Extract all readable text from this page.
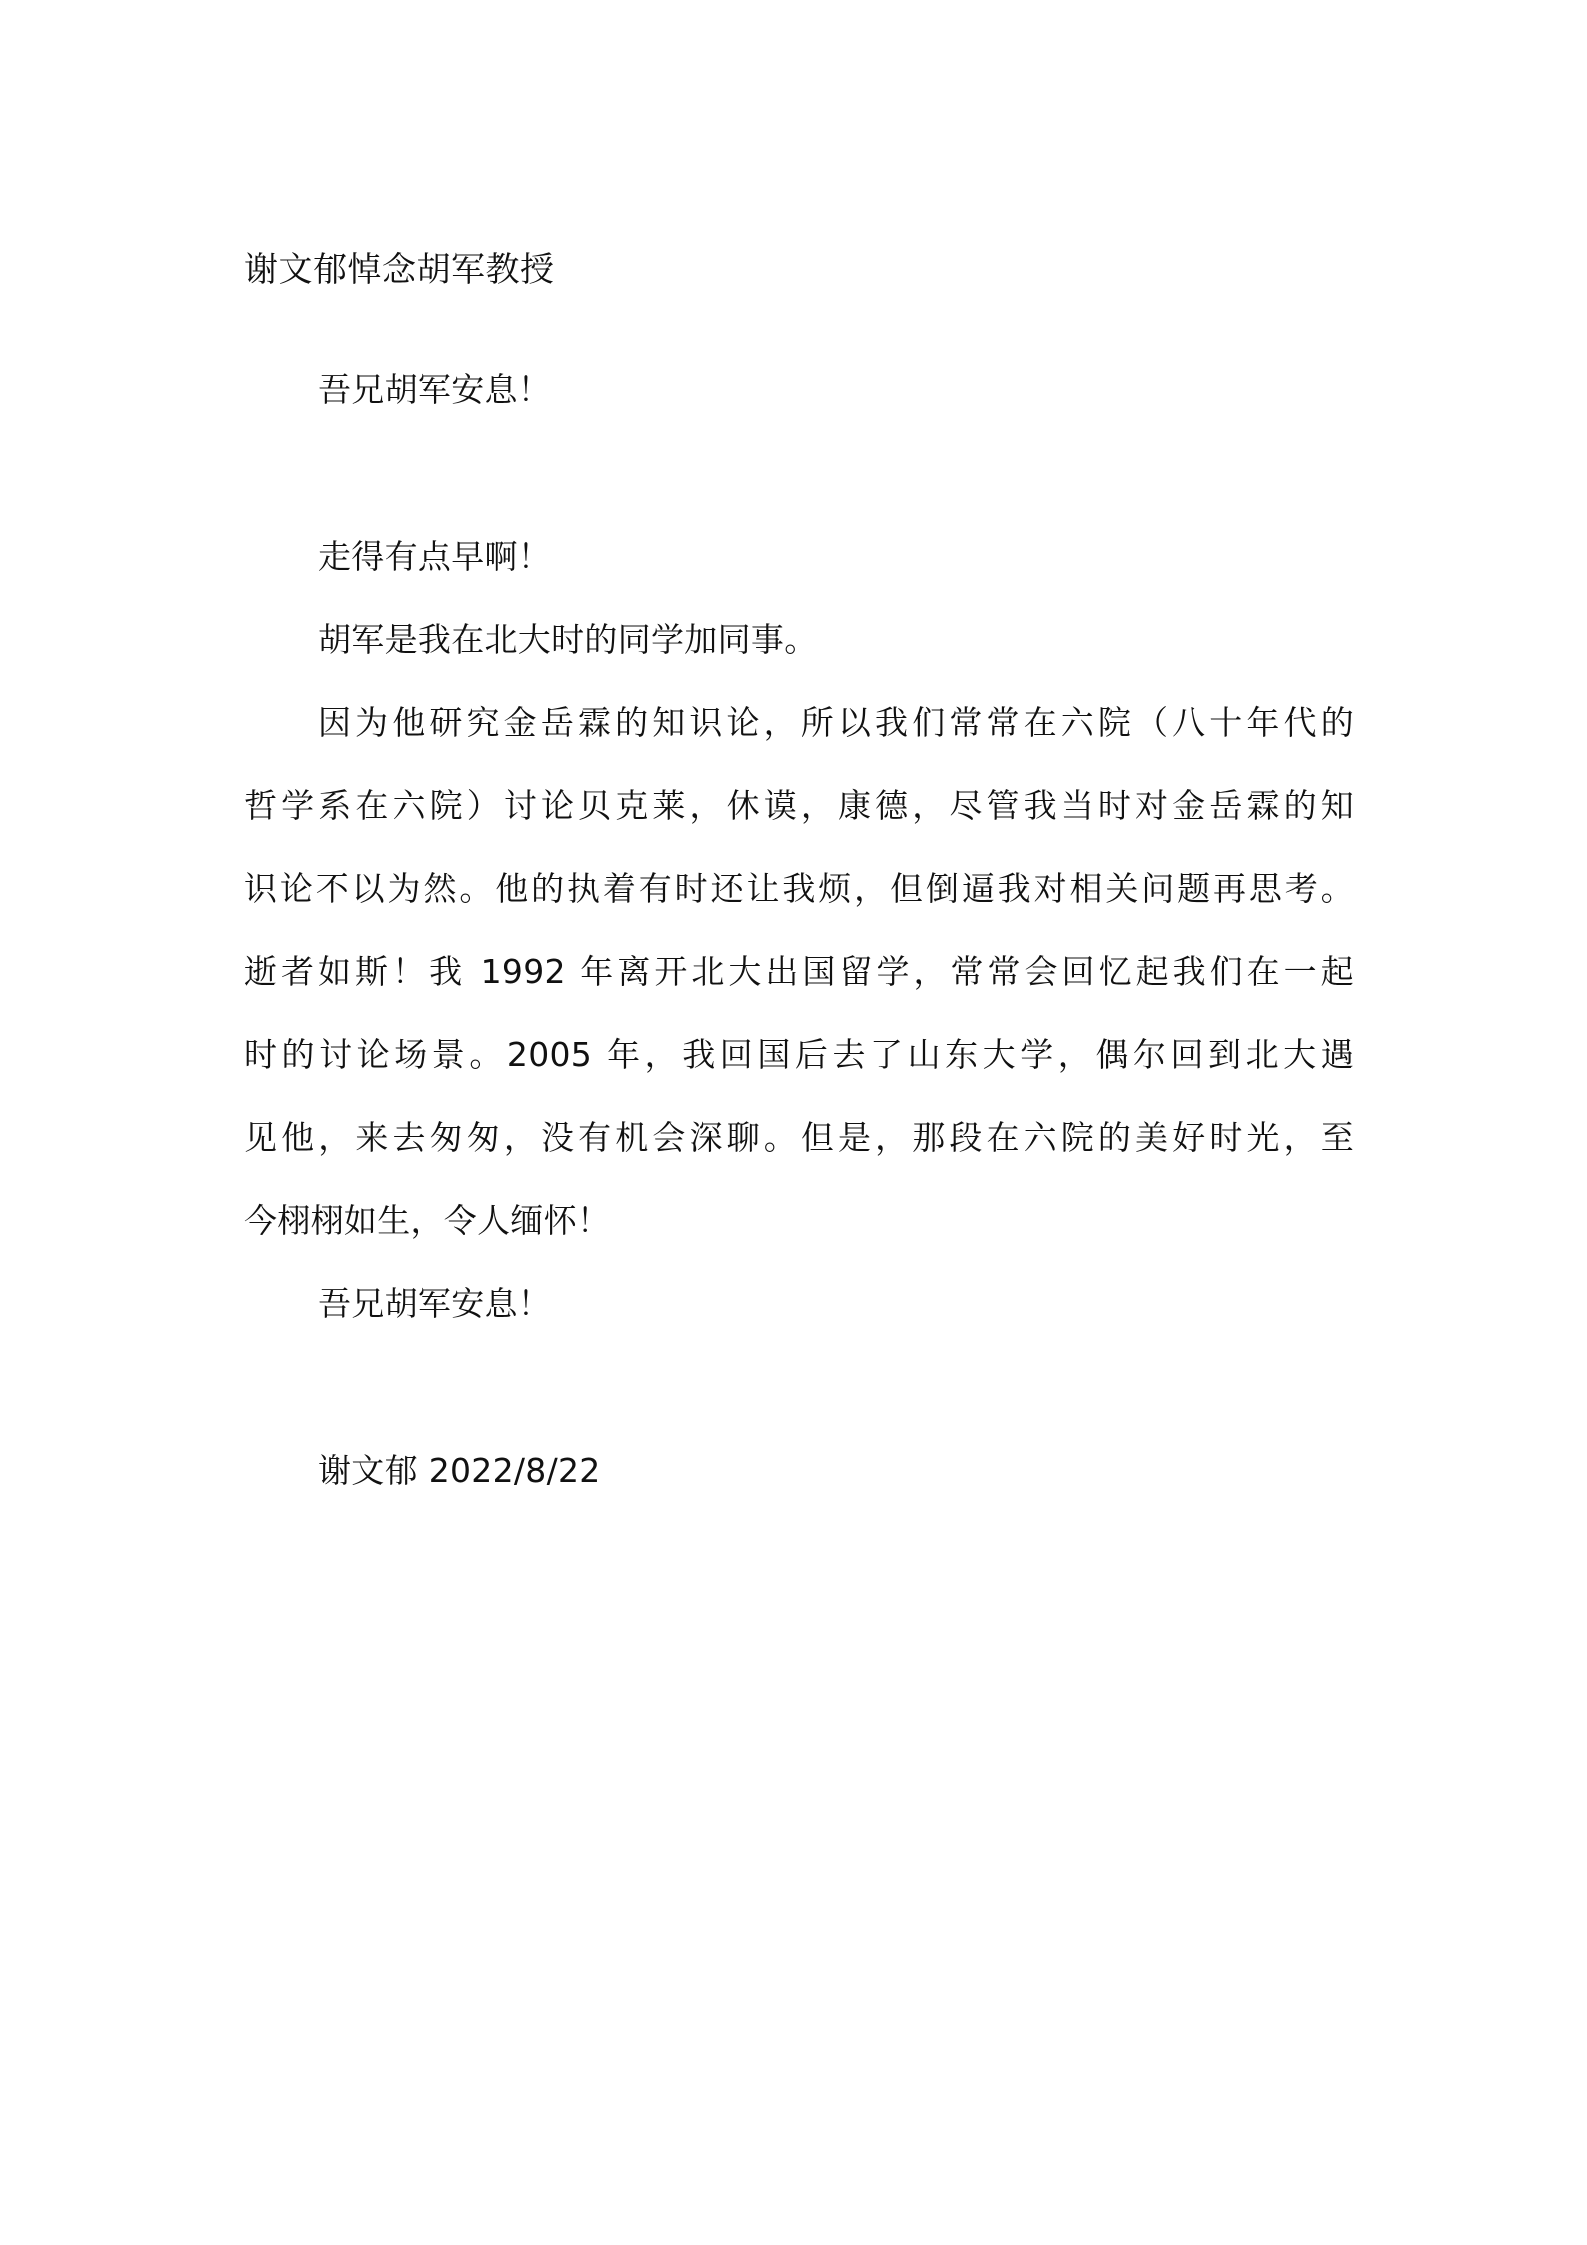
谢文郁悼念胡军教授
吾兄胡军安息！
走得有点早啊！
胡军是我在北大时的同学加同事。
因为他研究金岳霖的知识论，所以我们常常在六院（八十年代的
哲学系在六院）讨论贝克莱，休谟，康德，尽管我当时对金岳霖的知
识论不以为然。他的执着有时还让我烦，但倒逼我对相关问题再思考。
逝者如斯！我 1992 年离开北大出国留学，常常会回忆起我们在一起
时的讨论场景。2005 年，我回国后去了山东大学，偶尔回到北大遇
见他，来去匆匆，没有机会深聊。但是，那段在六院的美好时光，至
今栩栩如生，令人缅怀！
吾兄胡军安息！
谢文郁 2022/8/22
